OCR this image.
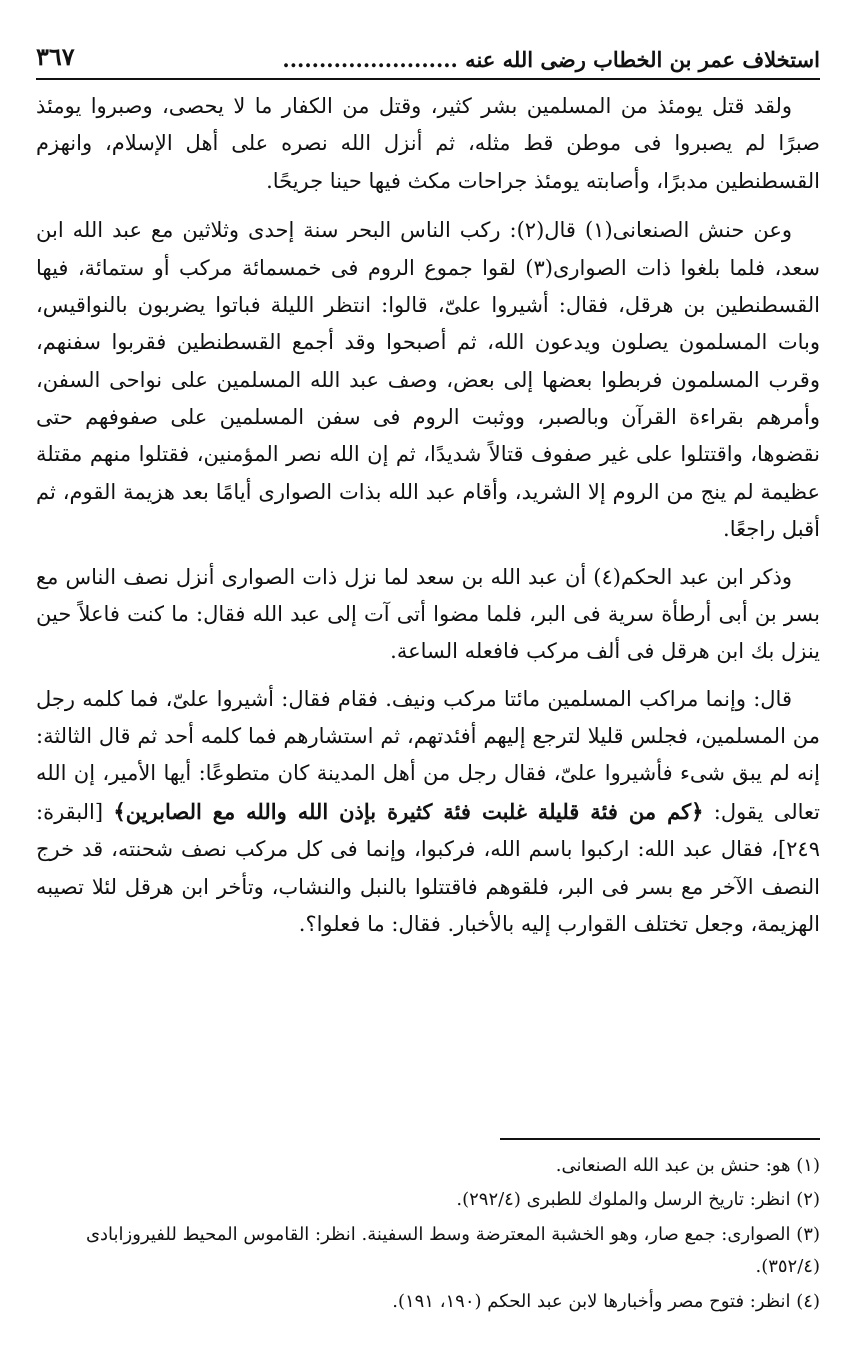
استخلاف عمر بن الخطاب رضى الله عنه ........................
٣٦٧

ولقد قتل يومئذ من المسلمين بشر كثير، وقتل من الكفار ما لا يحصى، وصبروا يومئذ صبرًا لم يصبروا فى موطن قط مثله، ثم أنزل الله نصره على أهل الإسلام، وانهزم القسطنطين مدبرًا، وأصابته يومئذ جراحات مكث فيها حينا جريحًا.

وعن حنش الصنعانى(١) قال(٢): ركب الناس البحر سنة إحدى وثلاثين مع عبد الله ابن سعد، فلما بلغوا ذات الصوارى(٣) لقوا جموع الروم فى خمسمائة مركب أو ستمائة، فيها القسطنطين بن هرقل، فقال: أشيروا علىّ، قالوا: انتظر الليلة فباتوا يضربون بالنواقيس، وبات المسلمون يصلون ويدعون الله، ثم أصبحوا وقد أجمع القسطنطين فقربوا سفنهم، وقرب المسلمون فربطوا بعضها إلى بعض، وصف عبد الله المسلمين على نواحى السفن، وأمرهم بقراءة القرآن وبالصبر، ووثبت الروم فى سفن المسلمين على صفوفهم حتى نقضوها، واقتتلوا على غير صفوف قتالاً شديدًا، ثم إن الله نصر المؤمنين، فقتلوا منهم مقتلة عظيمة لم ينج من الروم إلا الشريد، وأقام عبد الله بذات الصوارى أيامًا بعد هزيمة القوم، ثم أقبل راجعًا.

وذكر ابن عبد الحكم(٤) أن عبد الله بن سعد لما نزل ذات الصوارى أنزل نصف الناس مع بسر بن أبى أرطأة سرية فى البر، فلما مضوا أتى آت إلى عبد الله فقال: ما كنت فاعلاً حين ينزل بك ابن هرقل فى ألف مركب فافعله الساعة.

قال: وإنما مراكب المسلمين مائتا مركب ونيف. فقام فقال: أشيروا علىّ، فما كلمه رجل من المسلمين، فجلس قليلا لترجع إليهم أفئدتهم، ثم استشارهم فما كلمه أحد ثم قال الثالثة: إنه لم يبق شىء فأشيروا علىّ، فقال رجل من أهل المدينة كان متطوعًا: أيها الأمير، إن الله تعالى يقول: ﴿كم من فئة قليلة غلبت فئة كثيرة بإذن الله والله مع الصابرين﴾ [البقرة: ٢٤٩]، فقال عبد الله: اركبوا باسم الله، فركبوا، وإنما فى كل مركب نصف شحنته، قد خرج النصف الآخر مع بسر فى البر، فلقوهم فاقتتلوا بالنبل والنشاب، وتأخر ابن هرقل لئلا تصيبه الهزيمة، وجعل تختلف القوارب إليه بالأخبار. فقال: ما فعلوا؟.

(١) هو: حنش بن عبد الله الصنعانى.

(٢) انظر: تاريخ الرسل والملوك للطبرى (٢٩٢/٤).

(٣) الصوارى: جمع صار، وهو الخشبة المعترضة وسط السفينة. انظر: القاموس المحيط للفيروزابادى (٣٥٢/٤).

(٤) انظر: فتوح مصر وأخبارها لابن عبد الحكم (١٩٠، ١٩١).
